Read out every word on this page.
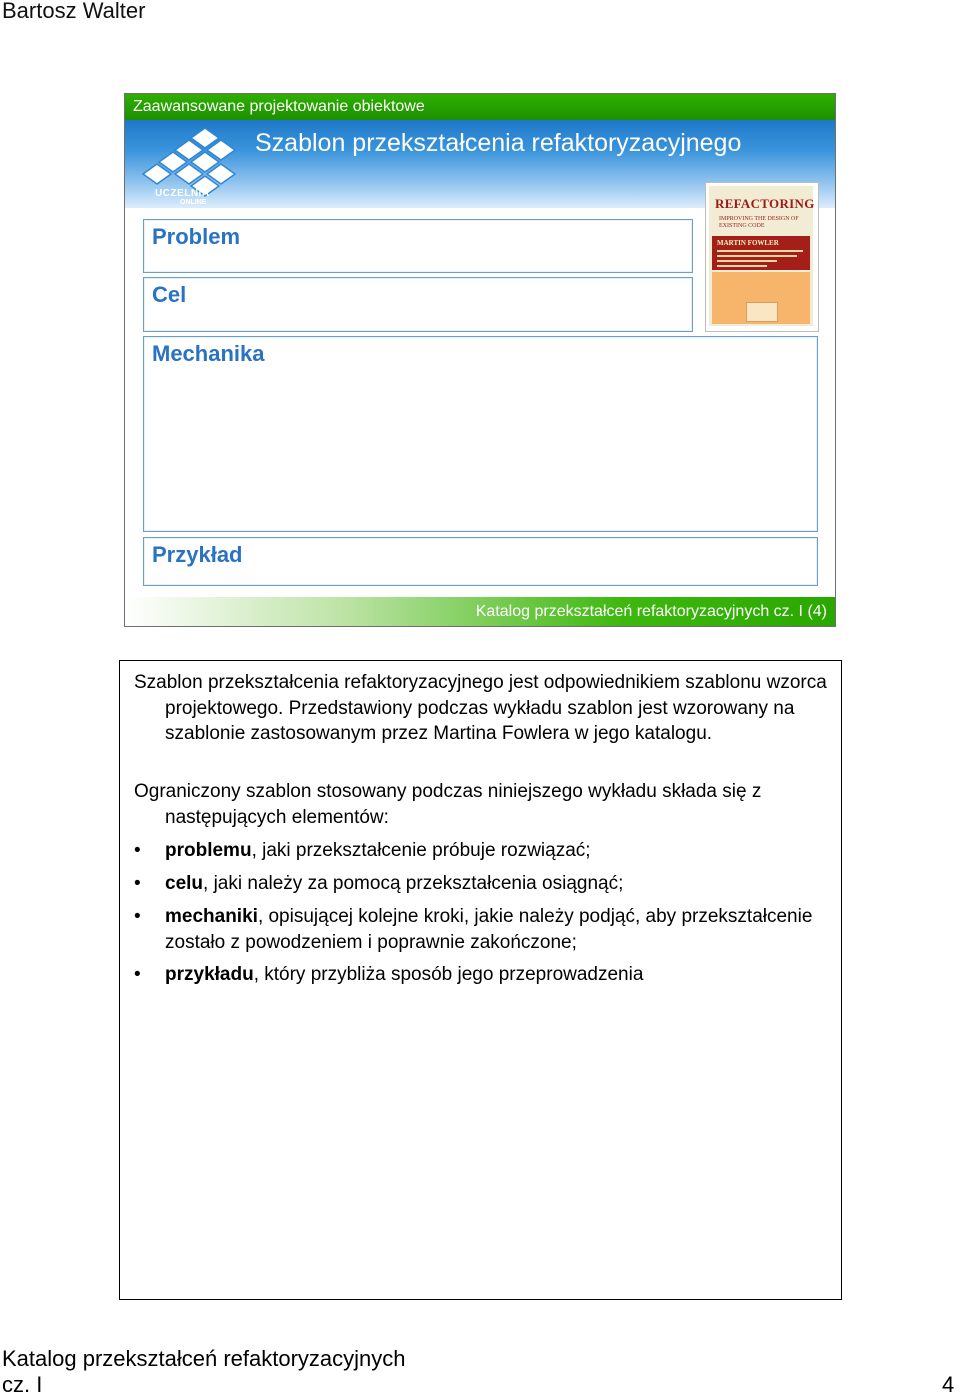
Bartosz Walter
Zaawansowane projektowanie obiektowe
UCZELNIA
ONLINE
Szablon przekształcenia refaktoryzacyjnego
REFACTORING
IMPROVING THE DESIGN OF EXISTING CODE
MARTIN FOWLER
Problem
Cel
Mechanika
Przykład
Katalog przekształceń refaktoryzacyjnych cz. I (4)

Szablon przekształcenia refaktoryzacyjnego jest odpowiednikiem szablonu wzorca projektowego. Przedstawiony podczas wykładu szablon jest wzorowany na szablonie zastosowanym przez Martina Fowlera w jego katalogu.

Ograniczony szablon stosowany podczas niniejszego wykładu składa się z następujących elementów:

• problemu, jaki przekształcenie próbuje rozwiązać;
• celu, jaki należy za pomocą przekształcenia osiągnąć;
• mechaniki, opisującej kolejne kroki, jakie należy podjąć, aby przekształcenie zostało z powodzeniem i poprawnie zakończone;
• przykładu, który przybliża sposób jego przeprowadzenia
Katalog przekształceń refaktoryzacyjnych
cz. I	4
